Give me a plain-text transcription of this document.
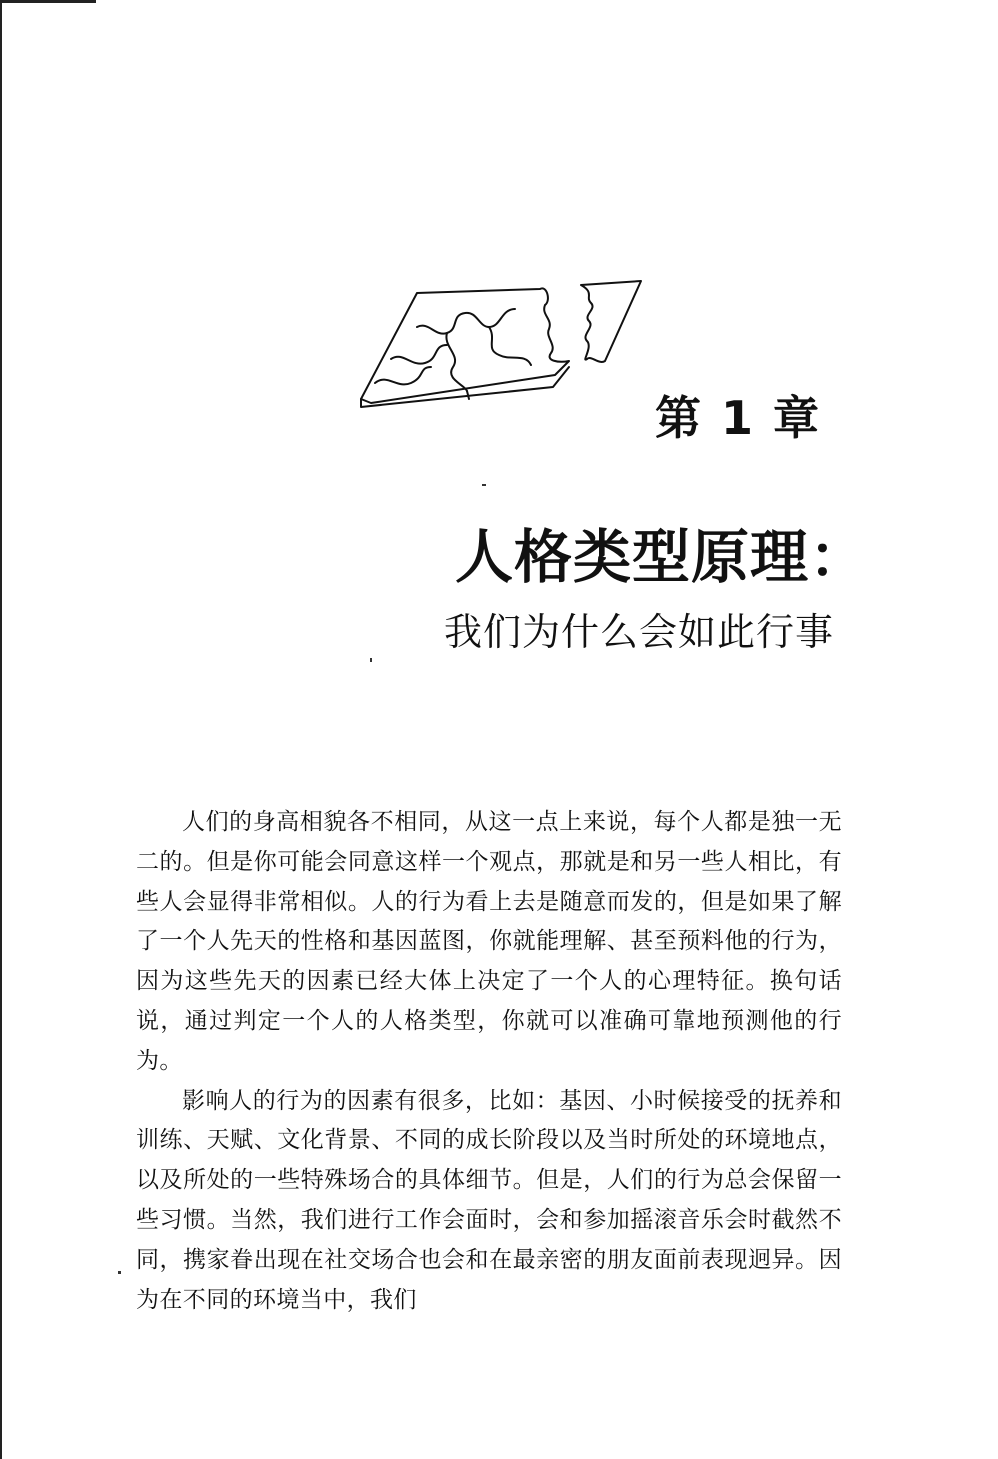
第 1 章
人格类型原理：
我们为什么会如此行事

人们的身高相貌各不相同，从这一点上来说，每个人都是独一无二的。但是你可能会同意这样一个观点，那就是和另一些人相比，有些人会显得非常相似。人的行为看上去是随意而发的，但是如果了解了一个人先天的性格和基因蓝图，你就能理解、甚至预料他的行为，因为这些先天的因素已经大体上决定了一个人的心理特征。换句话说，通过判定一个人的人格类型，你就可以准确可靠地预测他的行为。

影响人的行为的因素有很多，比如：基因、小时候接受的抚养和训练、天赋、文化背景、不同的成长阶段以及当时所处的环境地点，以及所处的一些特殊场合的具体细节。但是，人们的行为总会保留一些习惯。当然，我们进行工作会面时，会和参加摇滚音乐会时截然不同，携家眷出现在社交场合也会和在最亲密的朋友面前表现迥异。因为在不同的环境当中，我们
